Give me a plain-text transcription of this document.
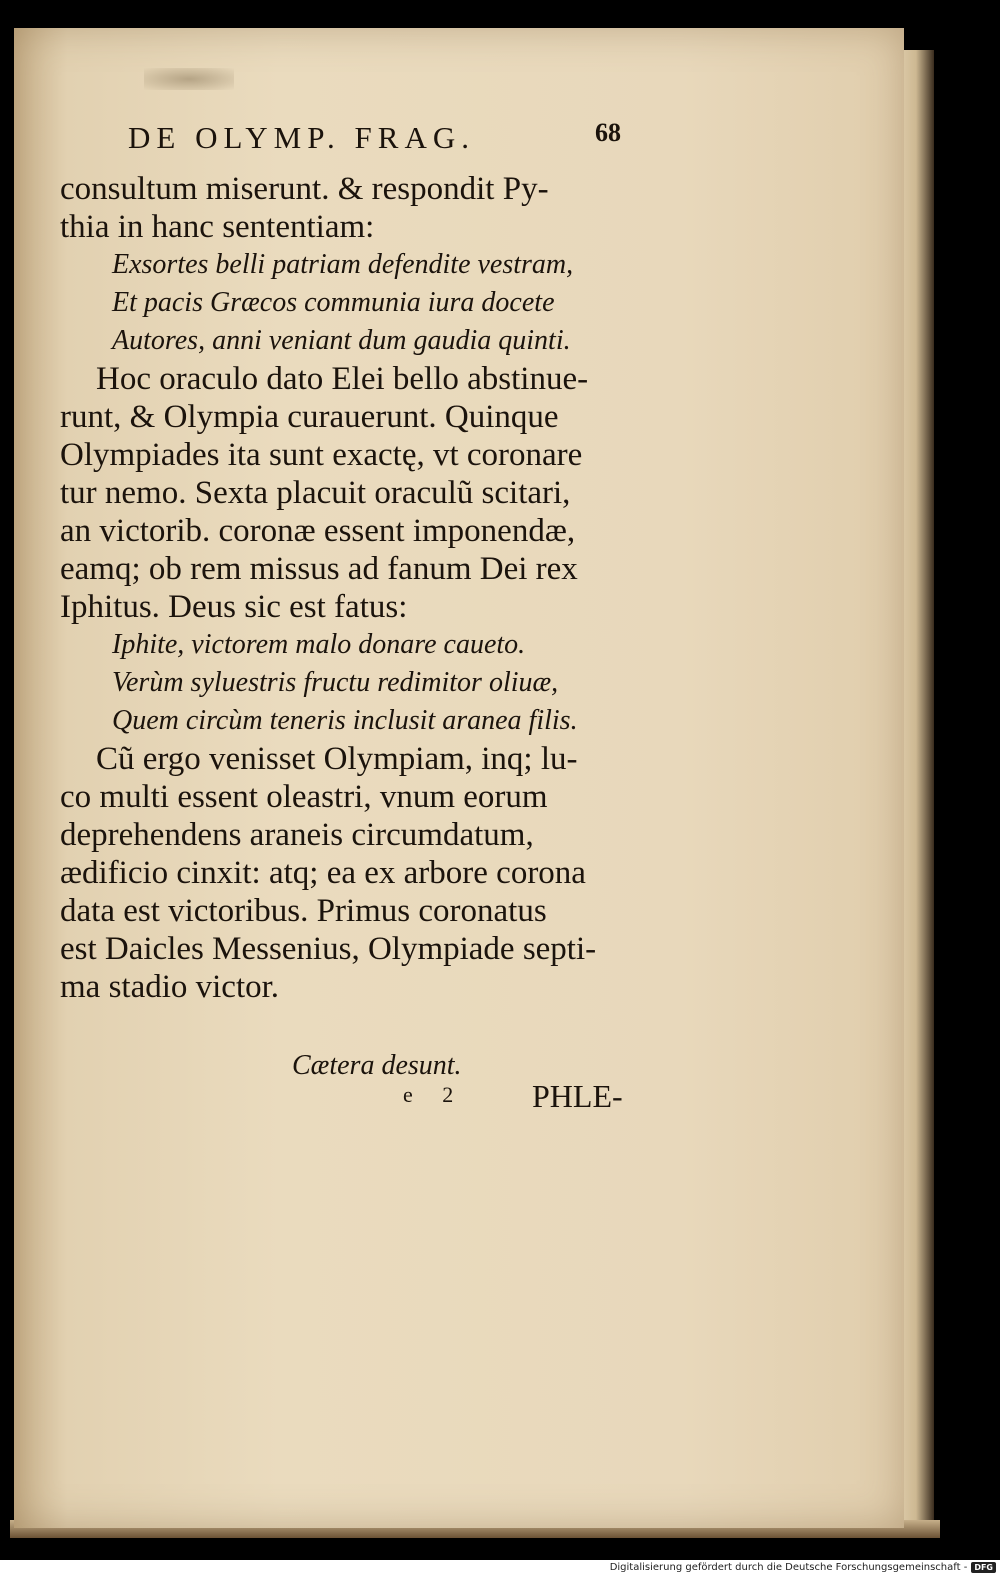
DE OLYMP. FRAG.	68
consultum miserunt. & respondit Py-
thia in hanc sententiam:
Exsortes belli patriam defendite vestram,
Et pacis Græcos communia iura docete
Autores, anni veniant dum gaudia quinti.
Hoc oraculo dato Elei bello abstinue-
runt, & Olympia curauerunt. Quinque
Olympiades ita sunt exactę, vt coronare
tur nemo. Sexta placuit oraculũ scitari,
an victorib. coronæ essent imponendæ,
eamq; ob rem missus ad fanum Dei rex
Iphitus. Deus sic est fatus:
Iphite, victorem malo donare caueto.
Verùm syluestris fructu redimitor oliuæ,
Quem circùm teneris inclusit aranea filis.
Cũ ergo venisset Olympiam, inq; lu-
co multi essent oleastri, vnum eorum
deprehendens araneis circumdatum,
ædificio cinxit: atq; ea ex arbore corona
data est victoribus. Primus coronatus
est Daicles Messenius, Olympiade septi-
ma stadio victor.
Cætera desunt.
e 2 PHLE-
Digitalisierung gefördert durch die Deutsche Forschungsgemeinschaft - DFG
